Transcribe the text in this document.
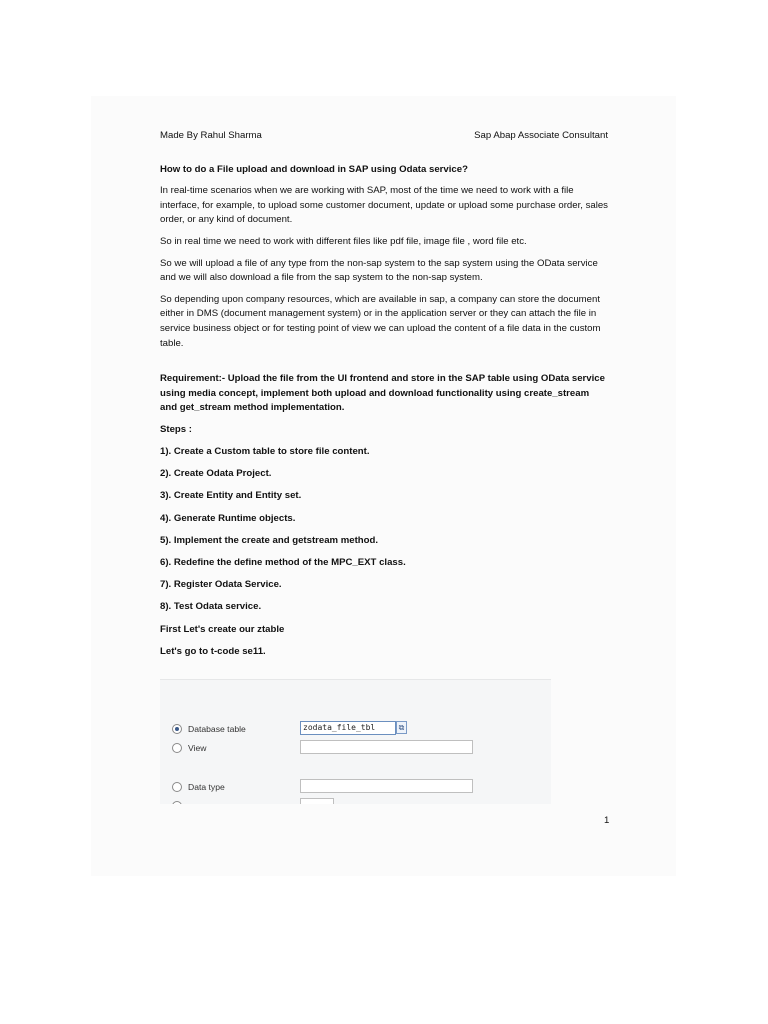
Made By Rahul Sharma	Sap Abap Associate Consultant

How to do a File upload and download in SAP using Odata service?

In real-time scenarios when we are working with SAP, most of the time we need to work with a file interface, for example, to upload some customer document, update or upload some purchase order, sales order, or any kind of document.

So in real time we need to work with different files like pdf file, image file , word file etc.

So we will upload a file of any type from the non-sap system to the sap system using the OData service and we will also download a file from the sap system to the non-sap system.

So depending upon company resources, which are available in sap, a company can store the document either in DMS (document management system) or in the application server or they can attach the file in service business object or for testing point of view we can upload the content of a file data in the custom table.

Requirement:- Upload the file from the UI frontend and store in the SAP table using OData service using media concept, implement both upload and download functionality using create_stream and get_stream method implementation.

Steps :

1). Create a Custom table to store file content.

2). Create Odata Project.

3). Create Entity and Entity set.

4). Generate Runtime objects.

5). Implement the create and getstream method.

6). Redefine the define method of the MPC_EXT class.

7). Register Odata Service.

8). Test Odata service.

First Let's create our ztable

Let's go to t-code se11.

Database table	zodata_file_tbl	⧉
View
Data type
1
